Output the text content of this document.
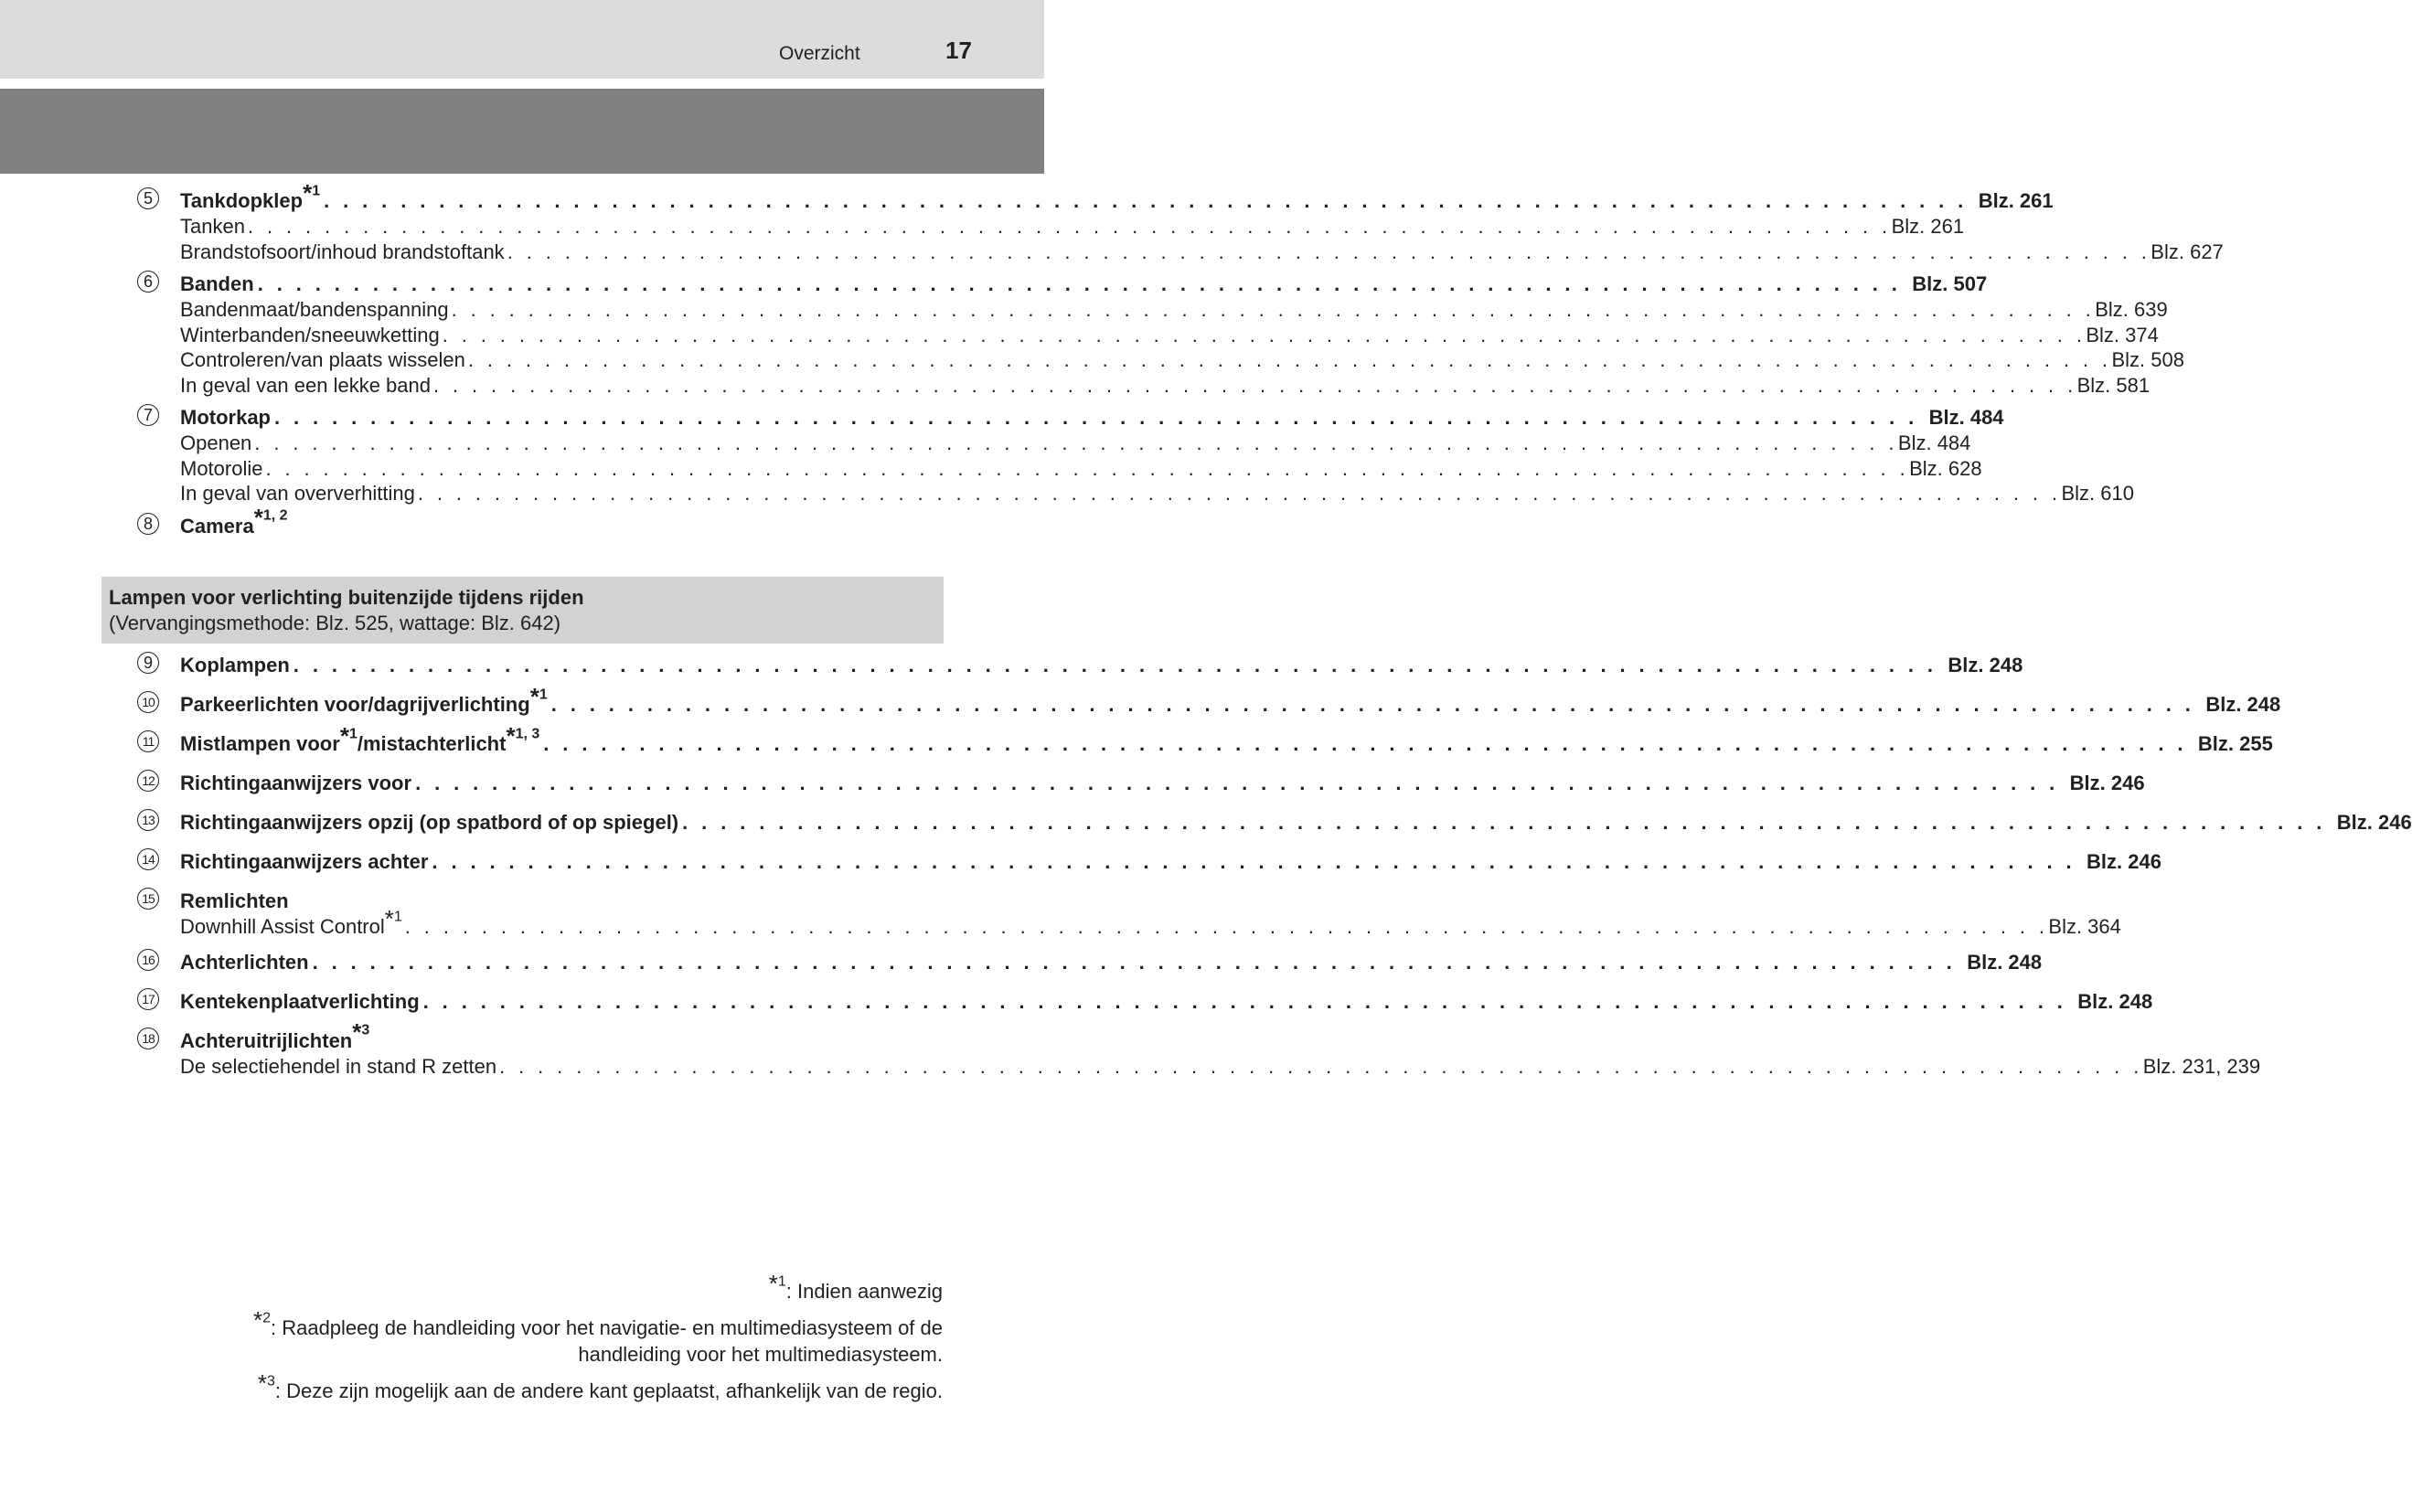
Overzicht	17
5	Tankdopklep$^{*^1}$ . . . . . . . . . . . . . . . . . . . . . . . . . . . . . . . . . . . . . . . . . . . . . . . . . . . . . . . . . . . . . . . . . . . . . . . . . . . . . . . . . . . . . . Blz. 261
Tanken . . . . . . . . . . . . . . . . . . . . . . . . . . . . . . . . . . . . . . . . . . . . . . . . . . . . . . . . . . . . . . . . . . . . . . . . . . . . . . . . . . . . . . Blz. 261
Brandstofsoort/inhoud brandstoftank . . . . . . . . . . . . . . . . . . . . . . . . . . . . . . . . . . . . . . . . . . . . . . . . . . . . . . . . . . . . . . . . . . . . . . . . . . . . . . . . . . . . . . Blz. 627
6	Banden . . . . . . . . . . . . . . . . . . . . . . . . . . . . . . . . . . . . . . . . . . . . . . . . . . . . . . . . . . . . . . . . . . . . . . . . . . . . . . . . . . . . . . Blz. 507
Bandenmaat/bandenspanning . . . . . . . . . . . . . . . . . . . . . . . . . . . . . . . . . . . . . . . . . . . . . . . . . . . . . . . . . . . . . . . . . . . . . . . . . . . . . . . . . . . . . . Blz. 639
Winterbanden/sneeuwketting . . . . . . . . . . . . . . . . . . . . . . . . . . . . . . . . . . . . . . . . . . . . . . . . . . . . . . . . . . . . . . . . . . . . . . . . . . . . . . . . . . . . . . Blz. 374
Controleren/van plaats wisselen . . . . . . . . . . . . . . . . . . . . . . . . . . . . . . . . . . . . . . . . . . . . . . . . . . . . . . . . . . . . . . . . . . . . . . . . . . . . . . . . . . . . . . Blz. 508
In geval van een lekke band . . . . . . . . . . . . . . . . . . . . . . . . . . . . . . . . . . . . . . . . . . . . . . . . . . . . . . . . . . . . . . . . . . . . . . . . . . . . . . . . . . . . . . Blz. 581
7	Motorkap . . . . . . . . . . . . . . . . . . . . . . . . . . . . . . . . . . . . . . . . . . . . . . . . . . . . . . . . . . . . . . . . . . . . . . . . . . . . . . . . . . . . . . Blz. 484
Openen . . . . . . . . . . . . . . . . . . . . . . . . . . . . . . . . . . . . . . . . . . . . . . . . . . . . . . . . . . . . . . . . . . . . . . . . . . . . . . . . . . . . . . Blz. 484
Motorolie . . . . . . . . . . . . . . . . . . . . . . . . . . . . . . . . . . . . . . . . . . . . . . . . . . . . . . . . . . . . . . . . . . . . . . . . . . . . . . . . . . . . . . Blz. 628
In geval van oververhitting . . . . . . . . . . . . . . . . . . . . . . . . . . . . . . . . . . . . . . . . . . . . . . . . . . . . . . . . . . . . . . . . . . . . . . . . . . . . . . . . . . . . . . Blz. 610
8	Camera$^{*^{1, 2}}$
Lampen voor verlichting buitenzijde tijdens rijden
(Vervangingsmethode: Blz. 525, wattage: Blz. 642)
9	Koplampen . . . . . . . . . . . . . . . . . . . . . . . . . . . . . . . . . . . . . . . . . . . . . . . . . . . . . . . . . . . . . . . . . . . . . . . . . . . . . . . . . . . . . . Blz. 248
10 Parkeerlichten voor/dagrijverlichting$^{*^1}$ . . . . . . . . . . . . . . . . . . . . . . . . . . . . . . . . . . . . . . . . . . . . . . . . . . . . . . . . . . . . . . . . . . . . . . . . . . . . . . . . . . . . . . Blz. 248
11 Mistlampen voor$^{*^1}$/mistachterlicht$^{*^{1, 3}}$ . . . . . . . . . . . . . . . . . . . . . . . . . . . . . . . . . . . . . . . . . . . . . . . . . . . . . . . . . . . . . . . . . . . . . . . . . . . . . . . . . . . . . . Blz. 255
12 Richtingaanwijzers voor . . . . . . . . . . . . . . . . . . . . . . . . . . . . . . . . . . . . . . . . . . . . . . . . . . . . . . . . . . . . . . . . . . . . . . . . . . . . . . . . . . . . . . Blz. 246
13 Richtingaanwijzers opzij (op spatbord of op spiegel) . . . . . . . . . . . . . . . . . . . . . . . . . . . . . . . . . . . . . . . . . . . . . . . . . . . . . . . . . . . . . . . . . . . . . . . . . . . . . . . . . . . . . . Blz. 246
14 Richtingaanwijzers achter . . . . . . . . . . . . . . . . . . . . . . . . . . . . . . . . . . . . . . . . . . . . . . . . . . . . . . . . . . . . . . . . . . . . . . . . . . . . . . . . . . . . . . Blz. 246
15 Remlichten
Downhill Assist Control$^{*^1}$ . . . . . . . . . . . . . . . . . . . . . . . . . . . . . . . . . . . . . . . . . . . . . . . . . . . . . . . . . . . . . . . . . . . . . . . . . . . . . . . . . . . . . . Blz. 364
16 Achterlichten . . . . . . . . . . . . . . . . . . . . . . . . . . . . . . . . . . . . . . . . . . . . . . . . . . . . . . . . . . . . . . . . . . . . . . . . . . . . . . . . . . . . . . Blz. 248
17 Kentekenplaatverlichting . . . . . . . . . . . . . . . . . . . . . . . . . . . . . . . . . . . . . . . . . . . . . . . . . . . . . . . . . . . . . . . . . . . . . . . . . . . . . . . . . . . . . . Blz. 248
18 Achteruitrijlichten$^{*^3}$
De selectiehendel in stand R zetten . . . . . . . . . . . . . . . . . . . . . . . . . . . . . . . . . . . . . . . . . . . . . . . . . . . . . . . . . . . . . . . . . . . . . . . . . . . . . . . . . . . . . . Blz. 231, 239
$^{*^1}$: Indien aanwezig
$^{*^2}$: Raadpleeg de handleiding voor het navigatie- en multimediasysteem of de
handleiding voor het multimediasysteem.
$^{*^3}$: Deze zijn mogelijk aan de andere kant geplaatst, afhankelijk van de regio.
